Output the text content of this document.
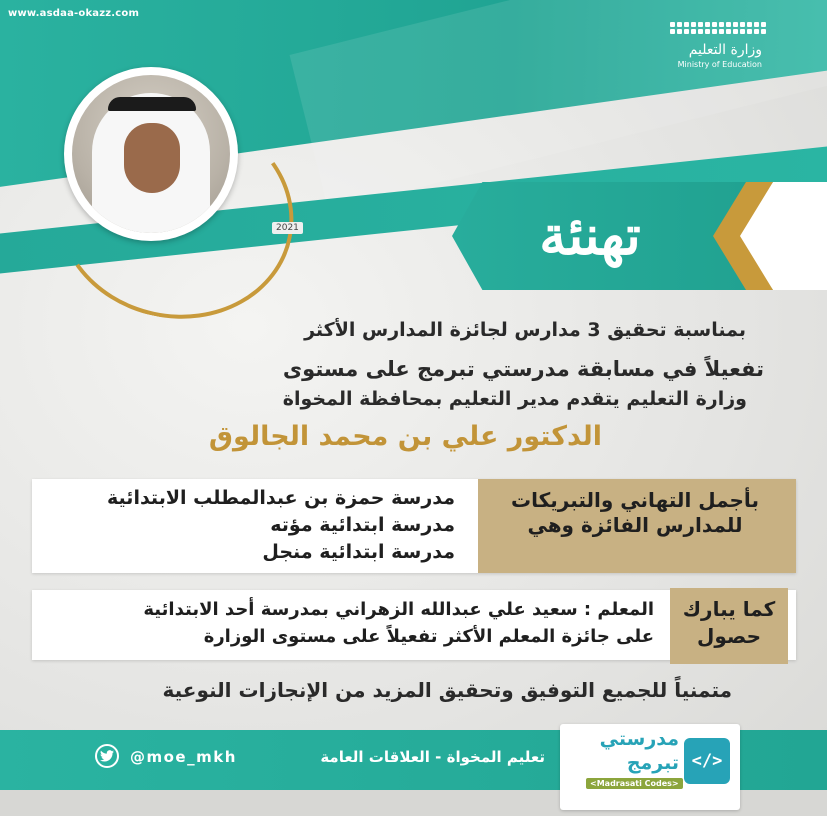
www.asdaa-okazz.com
وزارة التعليم
Ministry of Education
2021	تهنئة
بمناسبة تحقيق 3 مدارس لجائزة المدارس الأكثر
تفعيلاً في مسابقة مدرستي تبرمج على مستوى
وزارة التعليم يتقدم مدير التعليم بمحافظة المخواة
الدكتور علي بن محمد الجالوق
بأجمل التهاني والتبريكات للمدارس الفائزة وهي
مدرسة حمزة بن عبدالمطلب الابتدائية
مدرسة ابتدائية مؤته
مدرسة ابتدائية منجل
كما يبارك حصول
المعلم : سعيد علي عبدالله الزهراني بمدرسة أحد الابتدائية
على جائزة المعلم الأكثر تفعيلاً على مستوى الوزارة
متمنياً للجميع التوفيق وتحقيق المزيد من الإنجازات النوعية
تعليم المخواة - العلاقات العامة
@moe_mkh	</>
مدرستي
تبرمج
<Madrasati Codes>
